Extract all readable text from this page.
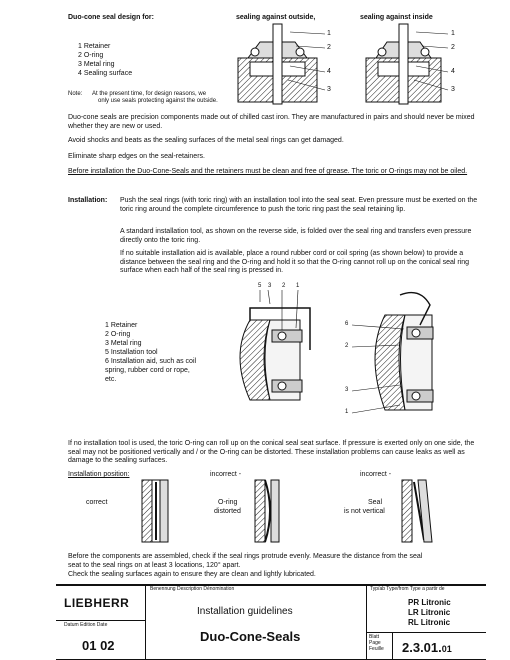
Duo-cone seal design for:	sealing against outside,	sealing against inside
1 Retainer
2 O-ring
3 Metal ring
4 Sealing surface
Note: At the present time, for design reasons, we
only use seals protecting against the outside.
1
2
4
3
1
2
4
3
Duo-cone seals are precision components made out of chilled cast iron. They are manufactured in pairs and should never be mixed whether they are new or used.
Avoid shocks and beats as the sealing surfaces of the metal seal rings can get damaged.
Eliminate sharp edges on the seal-retainers.
Before installation the Duo-Cone-Seals and the retainers must be clean and free of grease. The toric or O-rings may not be oiled.
Installation: Push the seal rings (with toric ring) with an installation tool into the seal seat. Even pressure must be exerted on the toric ring around the complete circumference to push the toric ring past the seal retaining lip.
A standard installation tool, as shown on the reverse side, is folded over the seal ring and transfers even pressure directly onto the toric ring.
If no suitable installation aid is available, place a round rubber cord or coil spring (as shown below) to provide a distance between the seal ring and the O-ring and hold it so that the O-ring cannot roll up on the conical seal ring surface when each half of the seal ring is pressed in.
5 3 2 1
6
2
3
1
1 Retainer
2 O-ring
3 Metal ring
5 Installation tool
6 Installation aid, such as coil
spring, rubber cord or rope,
etc.
If no installation tool is used, the toric O-ring can roll up on the conical seal seat surface. If pressure is exerted only on one side, the seal may not be positioned vertically and / or the O-ring can be distorted. These installation problems can cause leaks as well as damage to the sealing surfaces.
Installation position:
correct
incorrect -
O-ring
distorted
incorrect -
Seal
is not vertical
Before the components are assembled, check if the seal rings protrude evenly. Measure the distance from the seal
seat to the seal rings on at least 3 locations, 120° apart.
Check the sealing surfaces again to ensure they are clean and lightly lubricated.
LIEBHERR
Benennung Description Dénomination
Installation guidelines
Duo-Cone-Seals
Typ/ab Type/from Type a partir de
PR Litronic
LR Litronic
RL Litronic
Datum Edition Date
01 02
Blatt
Page
Feuille 2.3.01.01
